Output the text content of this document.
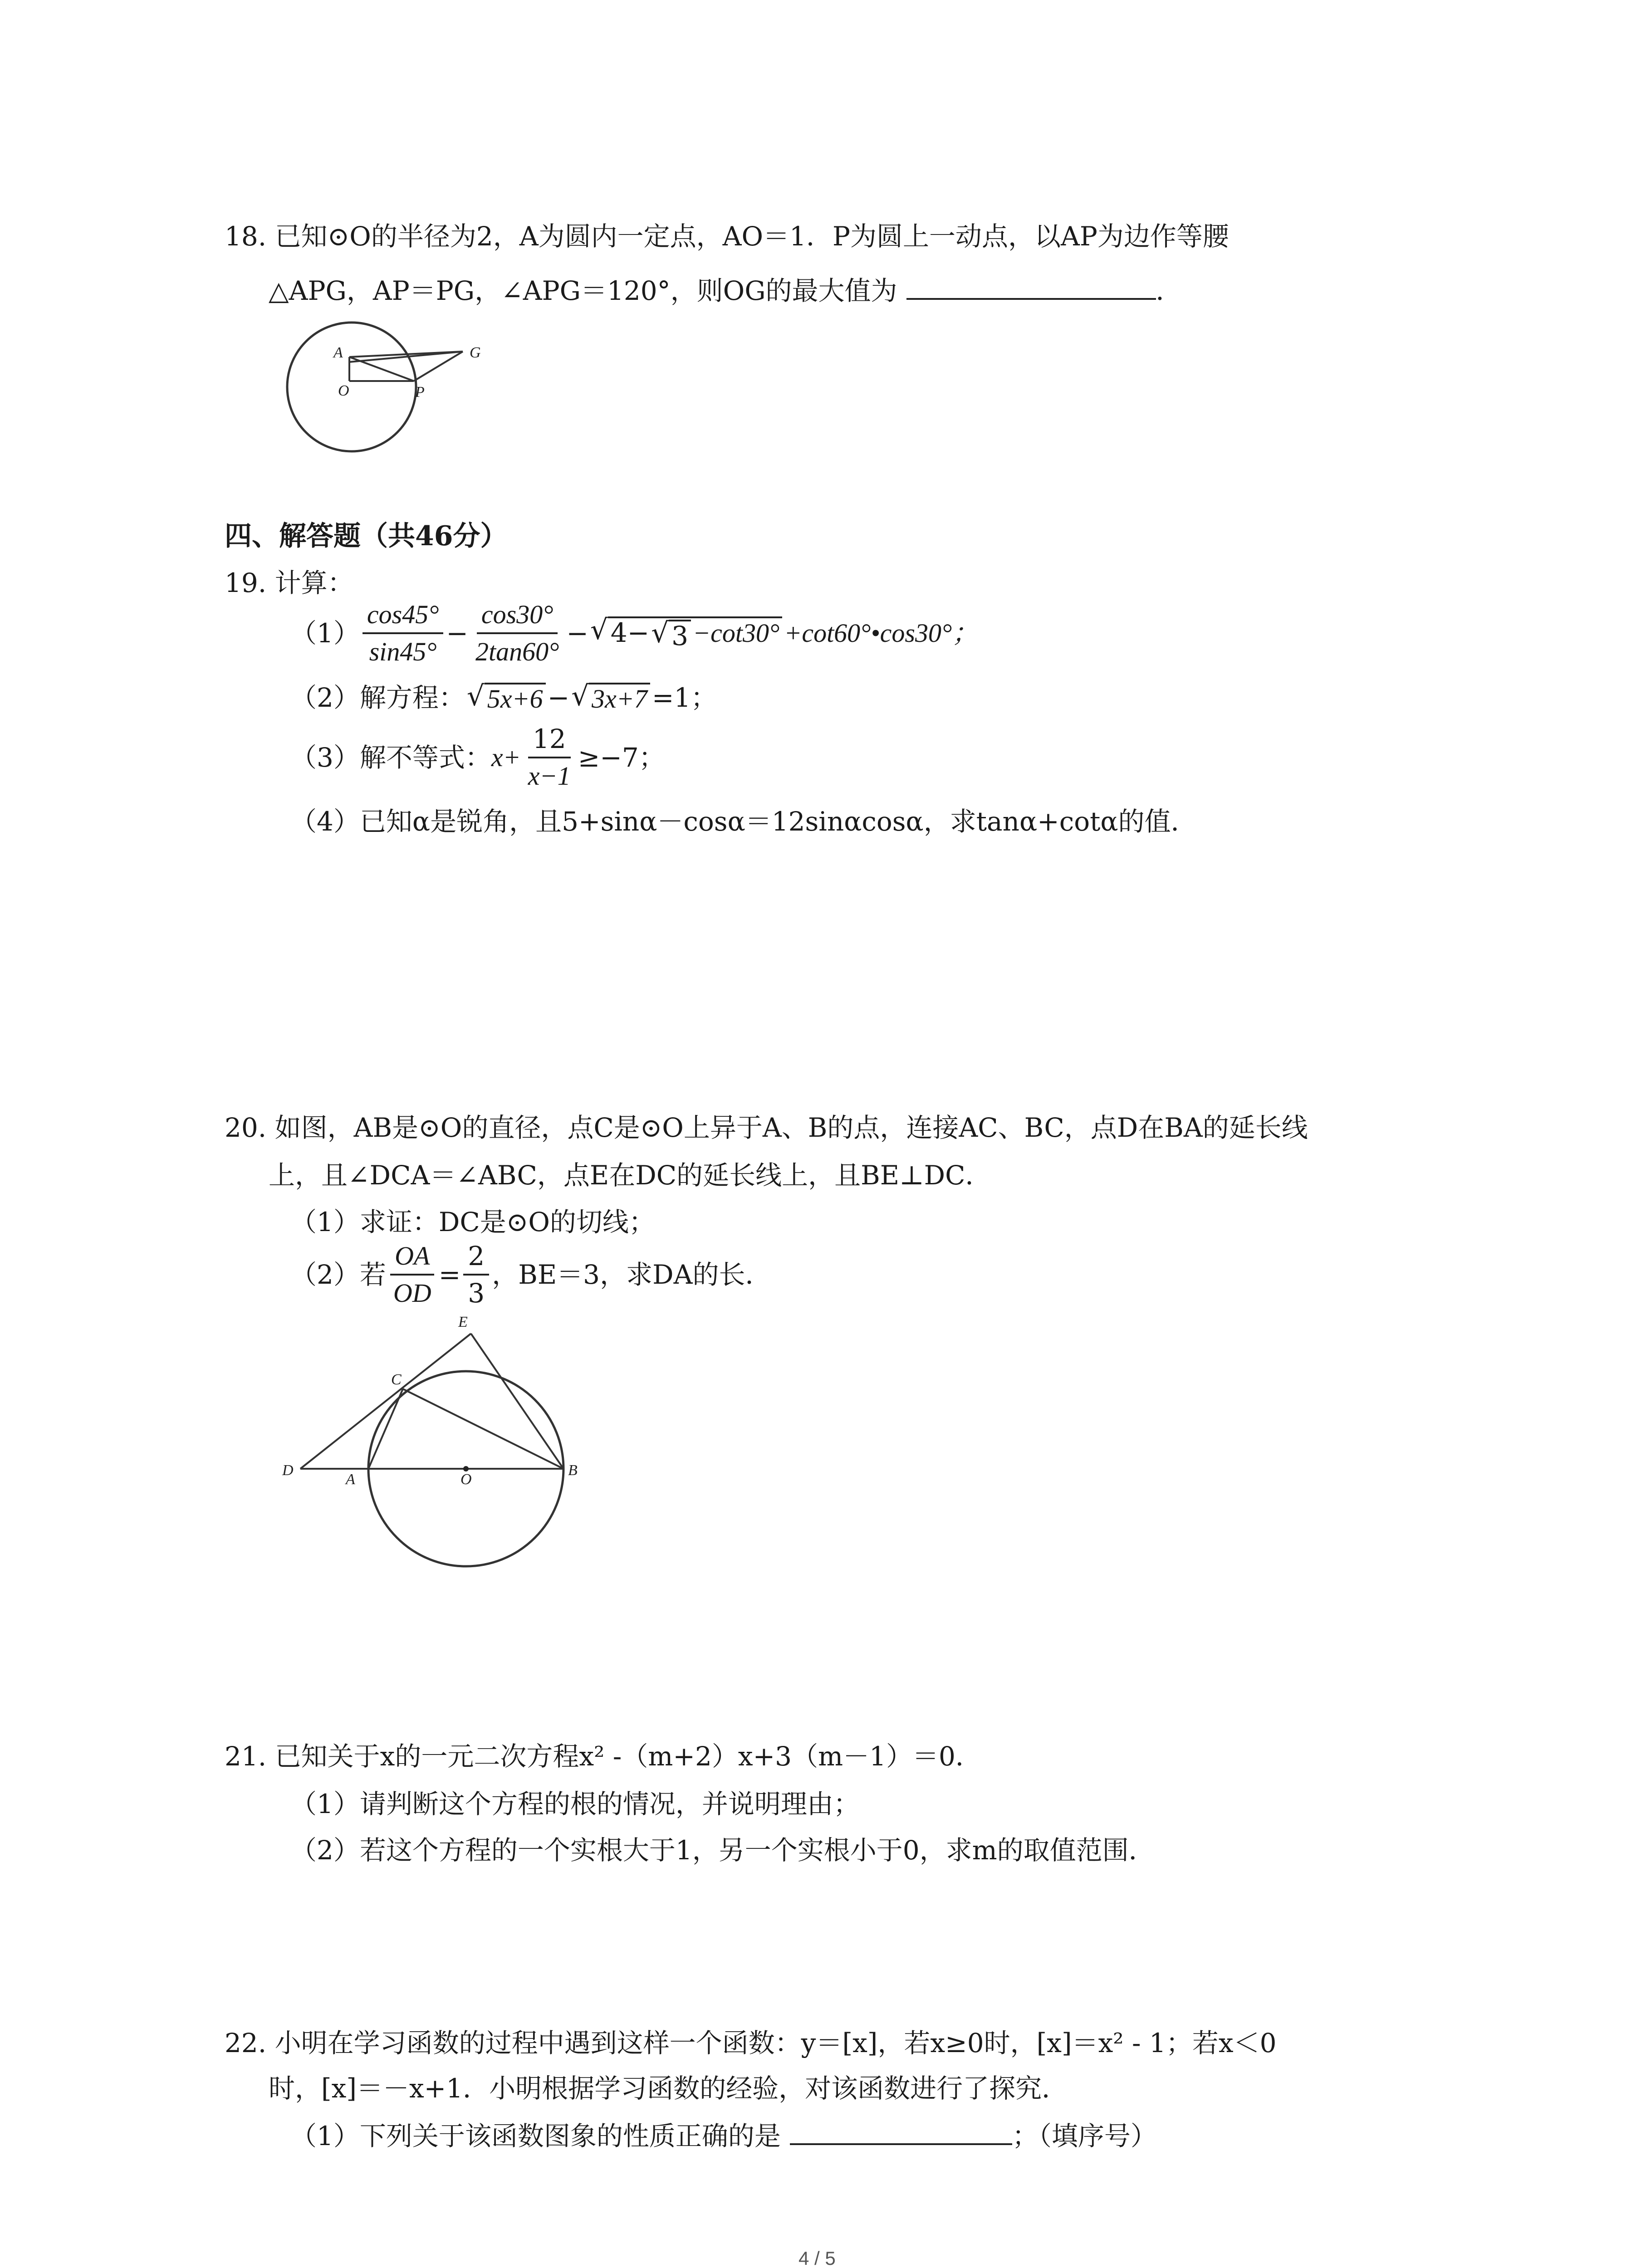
18. 已知⊙O的半径为2，A为圆内一定点，AO＝1．P为圆上一动点，以AP为边作等腰
△APG，AP＝PG，∠APG＝120°，则OG的最大值为	．
A
O	P
G
四、解答题（共46分）
19. 计算：
$(1) \frac{\cos 45^\circ}{\sin 45^\circ} - \frac{\cos 30^\circ}{2\tan 60^\circ}$ − √ 4− √ 3 −cot30° +cot60°•cos30°；
（2）解方程： √ 5x+6 − √ 3x+7 =1；
（3）解不等式： $x+ \frac{12}{x-1} \ge-7$；
（4）已知α是锐角，且5+sinα－cosα＝12sinαcosα，求tanα+cotα的值．
20. 如图，AB是⊙O的直径，点C是⊙O上异于A、B的点，连接AC、BC，点D在BA的延长线
上，且∠DCA＝∠ABC，点E在DC的延长线上，且BE⊥DC．
（1）求证：DC是⊙O的切线；
（2）若 $\frac{OA}{OD} = \frac{2}{3}$ ，BE＝3，求DA的长．
E
C
D
A	O
B
21. 已知关于x的一元二次方程x² -（m+2）x+3（m－1）＝0．
（1）请判断这个方程的根的情况，并说明理由；
（2）若这个方程的一个实根大于1，另一个实根小于0，求m的取值范围．
22. 小明在学习函数的过程中遇到这样一个函数：y＝[x]，若x≥0时，[x]＝x² - 1；若x＜0
时，[x]＝－x+1．小明根据学习函数的经验，对该函数进行了探究．
（1）下列关于该函数图象的性质正确的是	；（填序号）
4 / 5
